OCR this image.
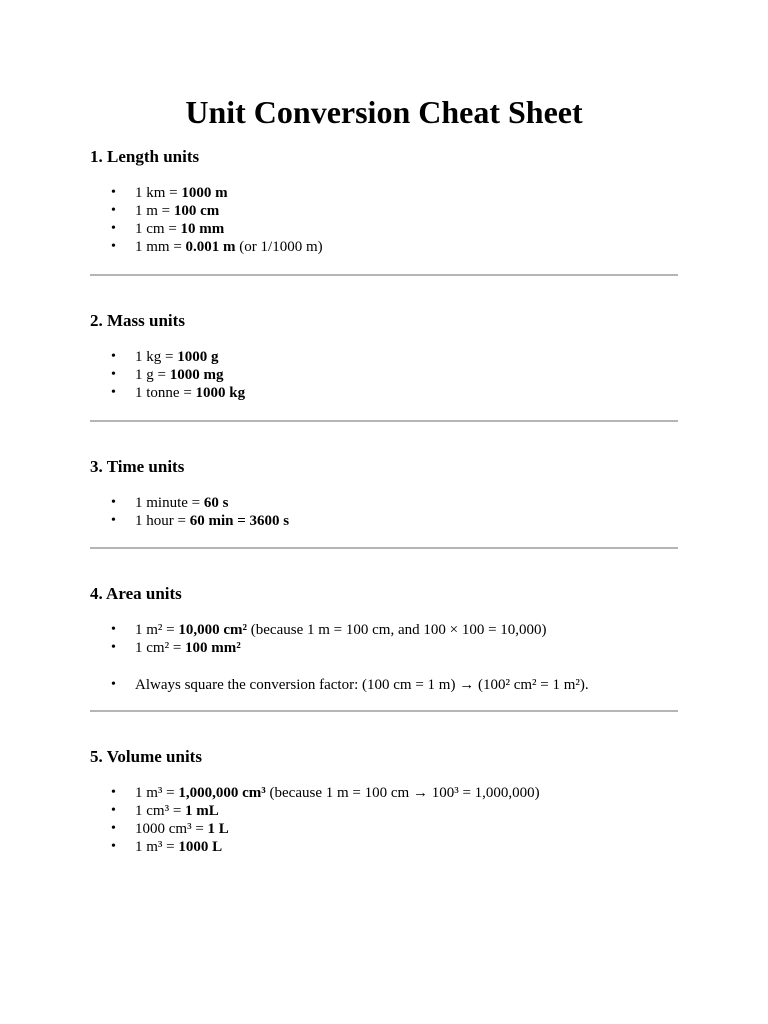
Unit Conversion Cheat Sheet
1. Length units
• 1 km = 1000 m
• 1 m = 100 cm
• 1 cm = 10 mm
• 1 mm = 0.001 m (or 1/1000 m)
2. Mass units
• 1 kg = 1000 g
• 1 g = 1000 mg
• 1 tonne = 1000 kg
3. Time units
• 1 minute = 60 s
• 1 hour = 60 min = 3600 s
4. Area units
• 1 m² = 10,000 cm² (because 1 m = 100 cm, and 100 × 100 = 10,000)
• 1 cm² = 100 mm²
• Always square the conversion factor: (100 cm = 1 m) → (100² cm² = 1 m²).
5. Volume units
• 1 m³ = 1,000,000 cm³ (because 1 m = 100 cm → 100³ = 1,000,000)
• 1 cm³ = 1 mL
• 1000 cm³ = 1 L
• 1 m³ = 1000 L
